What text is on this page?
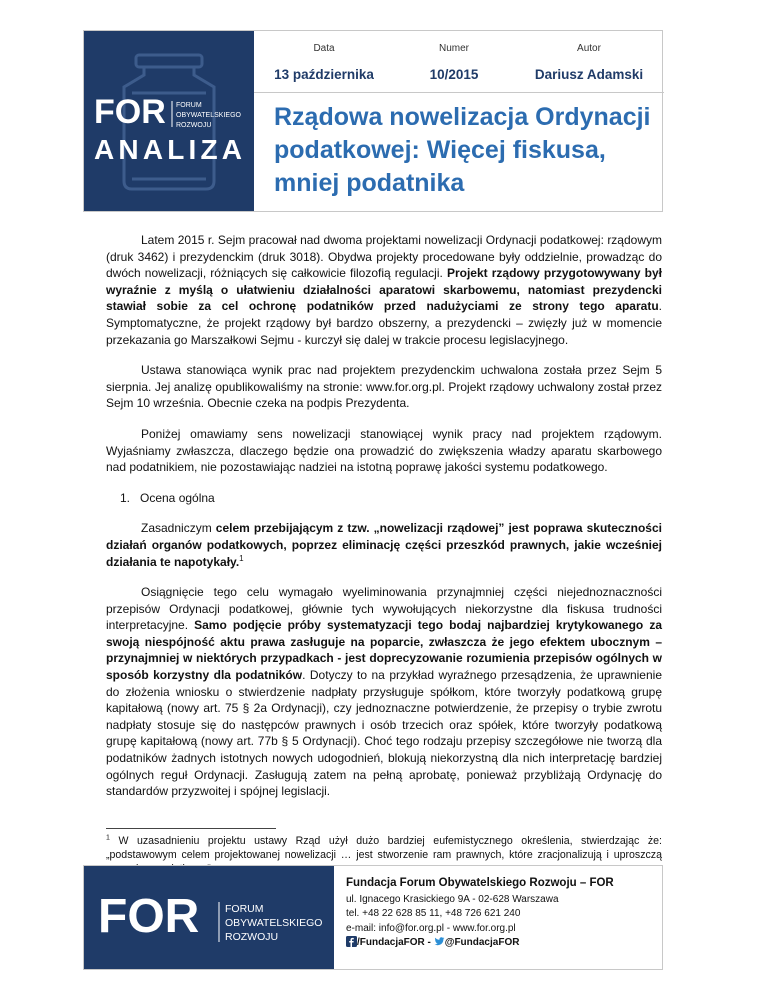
FOR FORUM
OBYWATELSKIEGO
ROZWOJU
ANALIZA
Data	Numer	Autor
13 października	10/2015	Dariusz Adamski
Rządowa nowelizacja Ordynacji podatkowej: Więcej fiskusa, mniej podatnika

Latem 2015 r. Sejm pracował nad dwoma projektami nowelizacji Ordynacji podatkowej: rządowym (druk 3462) i prezydenckim (druk 3018). Obydwa projekty procedowane były oddzielnie, prowadząc do dwóch nowelizacji, różniących się całkowicie filozofią regulacji. Projekt rządowy przygotowywany był wyraźnie z myślą o ułatwieniu działalności aparatowi skarbowemu, natomiast prezydencki stawiał sobie za cel ochronę podatników przed nadużyciami ze strony tego aparatu. Symptomatyczne, że projekt rządowy był bardzo obszerny, a prezydencki – zwięzły już w momencie przekazania go Marszałkowi Sejmu - kurczył się dalej w trakcie procesu legislacyjnego.

Ustawa stanowiąca wynik prac nad projektem prezydenckim uchwalona została przez Sejm 5 sierpnia. Jej analizę opublikowaliśmy na stronie: www.for.org.pl. Projekt rządowy uchwalony został przez Sejm 10 września. Obecnie czeka na podpis Prezydenta.

Poniżej omawiamy sens nowelizacji stanowiącej wynik pracy nad projektem rządowym. Wyjaśniamy zwłaszcza, dlaczego będzie ona prowadzić do zwiększenia władzy aparatu skarbowego nad podatnikiem, nie pozostawiając nadziei na istotną poprawę jakości systemu podatkowego.

1. Ocena ogólna

Zasadniczym celem przebijającym z tzw. „nowelizacji rządowej” jest poprawa skuteczności działań organów podatkowych, poprzez eliminację części przeszkód prawnych, jakie wcześniej działania te napotykały.$^1$

Osiągnięcie tego celu wymagało wyeliminowania przynajmniej części niejednoznaczności przepisów Ordynacji podatkowej, głównie tych wywołujących niekorzystne dla fiskusa trudności interpretacyjne. Samo podjęcie próby systematyzacji tego bodaj najbardziej krytykowanego za swoją niespójność aktu prawa zasługuje na poparcie, zwłaszcza że jego efektem ubocznym – przynajmniej w niektórych przypadkach - jest doprecyzowanie rozumienia przepisów ogólnych w sposób korzystny dla podatników. Dotyczy to na przykład wyraźnego przesądzenia, że uprawnienie do złożenia wniosku o stwierdzenie nadpłaty przysługuje spółkom, które tworzyły podatkową grupę kapitałową (nowy art. 75 § 2a Ordynacji), czy jednoznaczne potwierdzenie, że przepisy o trybie zwrotu nadpłaty stosuje się do następców prawnych i osób trzecich oraz spółek, które tworzyły podatkową grupę kapitałową (nowy art. 77b § 5 Ordynacji). Choć tego rodzaju przepisy szczegółowe nie tworzą dla podatników żadnych istotnych nowych udogodnień, blokują niekorzystną dla nich interpretację bardziej ogólnych reguł Ordynacji. Zasługują zatem na pełną aprobatę, ponieważ przybliżają Ordynację do standardów przyzwoitej i spójnej legislacji.

$^1$ W uzasadnieniu projektu ustawy Rząd użył dużo bardziej eufemistycznego określenia, stwierdzając że: „podstawowym celem projektowanej nowelizacji … jest stworzenie ram prawnych, które zracjonalizują i uproszczą
FOR FORUM
OBYWATELSKIEGO
ROZWOJU
Fundacja Forum Obywatelskiego Rozwoju – FOR
ul. Ignacego Krasickiego 9A - 02-628 Warszawa
tel. +48 22 628 85 11, +48 726 621 240
e-mail: info@for.org.pl - www.for.org.pl
/FundacjaFOR - @FundacjaFOR
